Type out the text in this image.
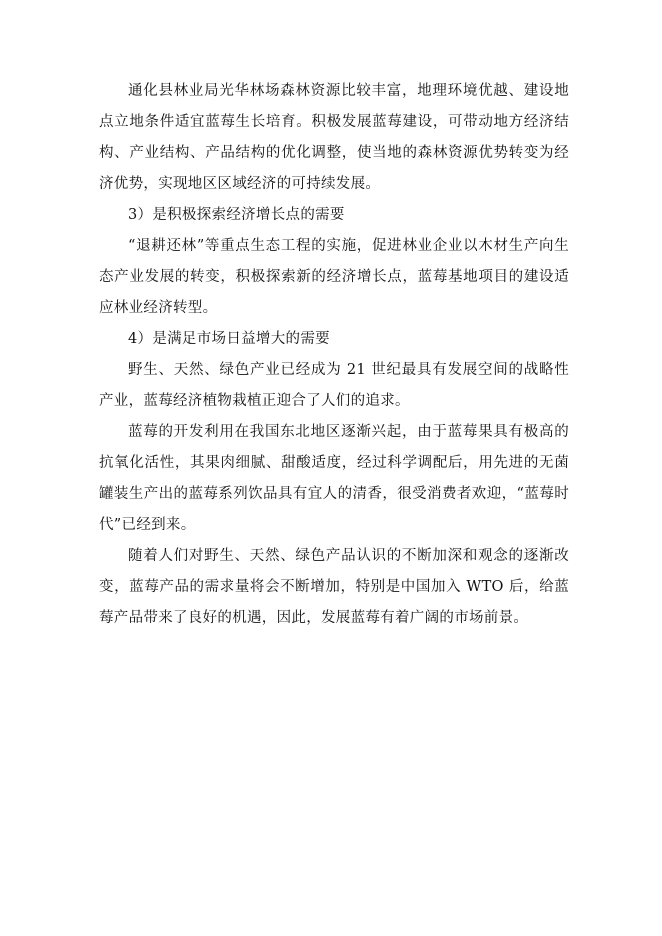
通化县林业局光华林场森林资源比较丰富，地理环境优越、建设地点立地条件适宜蓝莓生长培育。积极发展蓝莓建设，可带动地方经济结构、产业结构、产品结构的优化调整，使当地的森林资源优势转变为经济优势，实现地区区域经济的可持续发展。

3）是积极探索经济增长点的需要

“退耕还林”等重点生态工程的实施，促进林业企业以木材生产向生态产业发展的转变，积极探索新的经济增长点，蓝莓基地项目的建设适应林业经济转型。

4）是满足市场日益增大的需要

野生、天然、绿色产业已经成为 21 世纪最具有发展空间的战略性产业，蓝莓经济植物栽植正迎合了人们的追求。

蓝莓的开发利用在我国东北地区逐渐兴起，由于蓝莓果具有极高的抗氧化活性，其果肉细腻、甜酸适度，经过科学调配后，用先进的无菌罐装生产出的蓝莓系列饮品具有宜人的清香，很受消费者欢迎，“蓝莓时代”已经到来。

随着人们对野生、天然、绿色产品认识的不断加深和观念的逐渐改变，蓝莓产品的需求量将会不断增加，特别是中国加入 WTO 后，给蓝莓产品带来了良好的机遇，因此，发展蓝莓有着广阔的市场前景。
